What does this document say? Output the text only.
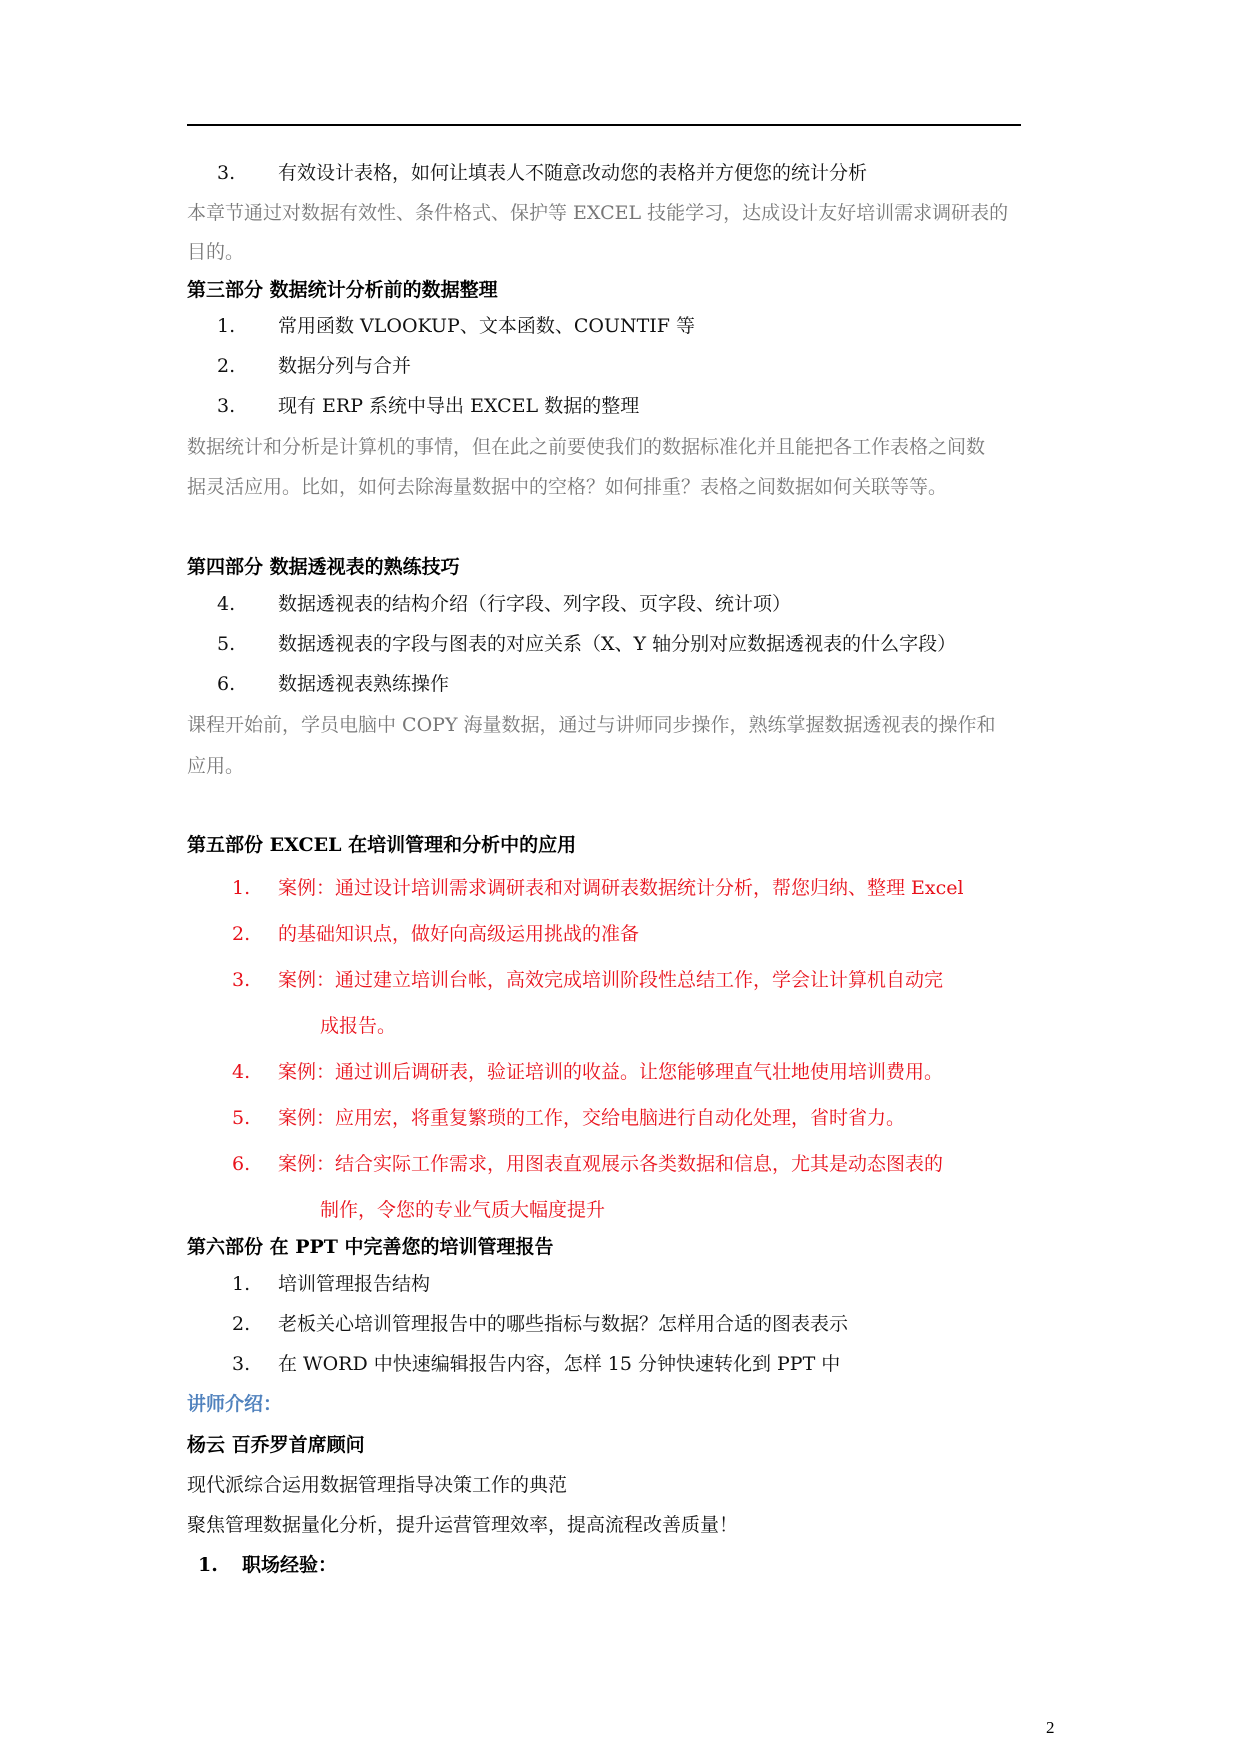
3. 有效设计表格，如何让填表人不随意改动您的表格并方便您的统计分析
本章节通过对数据有效性、条件格式、保护等 EXCEL 技能学习，达成设计友好培训需求调研表的
目的。
第三部分 数据统计分析前的数据整理
1. 常用函数 VLOOKUP、文本函数、COUNTIF 等
2. 数据分列与合并
3. 现有 ERP 系统中导出 EXCEL 数据的整理
数据统计和分析是计算机的事情，但在此之前要使我们的数据标准化并且能把各工作表格之间数
据灵活应用。比如，如何去除海量数据中的空格？如何排重？表格之间数据如何关联等等。
第四部分 数据透视表的熟练技巧
4. 数据透视表的结构介绍（行字段、列字段、页字段、统计项）
5. 数据透视表的字段与图表的对应关系（X、Y 轴分别对应数据透视表的什么字段）
6. 数据透视表熟练操作
课程开始前，学员电脑中 COPY 海量数据，通过与讲师同步操作，熟练掌握数据透视表的操作和
应用。
第五部份 EXCEL 在培训管理和分析中的应用
1. 案例：通过设计培训需求调研表和对调研表数据统计分析，帮您归纳、整理 Excel
2. 的基础知识点，做好向高级运用挑战的准备
3. 案例：通过建立培训台帐，高效完成培训阶段性总结工作，学会让计算机自动完
成报告。
4. 案例：通过训后调研表，验证培训的收益。让您能够理直气壮地使用培训费用。
5. 案例：应用宏，将重复繁琐的工作，交给电脑进行自动化处理，省时省力。
6. 案例：结合实际工作需求，用图表直观展示各类数据和信息，尤其是动态图表的
制作，令您的专业气质大幅度提升
第六部份 在 PPT 中完善您的培训管理报告
1. 培训管理报告结构
2. 老板关心培训管理报告中的哪些指标与数据？怎样用合适的图表表示
3. 在 WORD 中快速编辑报告内容，怎样 15 分钟快速转化到 PPT 中
讲师介绍：
杨云 百乔罗首席顾问
现代派综合运用数据管理指导决策工作的典范
聚焦管理数据量化分析，提升运营管理效率，提高流程改善质量！
1. 职场经验：
2
